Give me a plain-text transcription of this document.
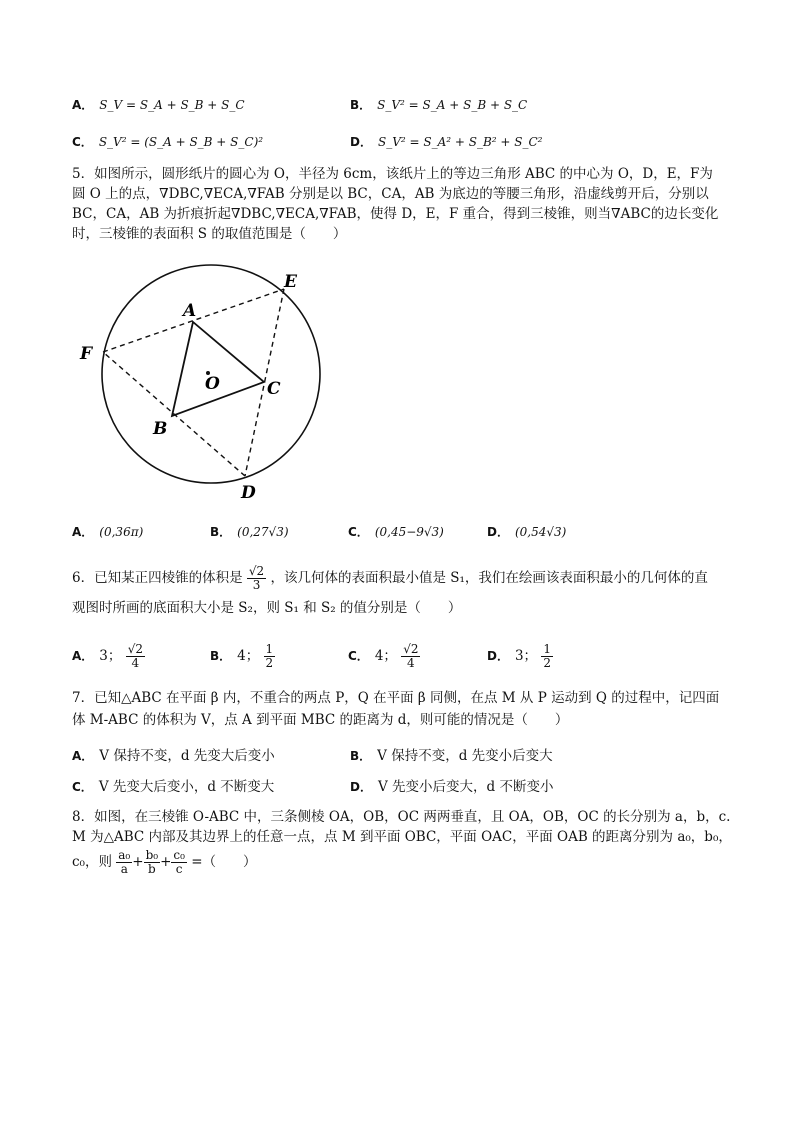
A． S_V = S_A + S_B + S_C	B． S_V² = S_A + S_B + S_C
C． S_V² = (S_A + S_B + S_C)²	D． S_V² = S_A² + S_B² + S_C²
5．如图所示，圆形纸片的圆心为 O，半径为 6cm，该纸片上的等边三角形 ABC 的中心为 O，D，E，F为
圆 O 上的点，∇DBC,∇ECA,∇FAB 分别是以 BC，CA，AB 为底边的等腰三角形，沿虚线剪开后，分别以
BC，CA，AB 为折痕折起∇DBC,∇ECA,∇FAB，使得 D，E，F 重合，得到三棱锥，则当∇ABC的边长变化
时，三棱锥的表面积 S 的取值范围是（　　）
A
B
C
D
E
F
O
A． (0,36π)	B． (0,27√3)	C． (0,45−9√3)	D． (0,54√3)
6．已知某正四棱锥的体积是 $\frac{√2}{3}$ ，该几何体的表面积最小值是 S₁，我们在绘画该表面积最小的几何体的直
观图时所画的底面积大小是 S₂，则 S₁ 和 S₂ 的值分别是（　　）
A． 3； $\frac{√2}{4}$	B． 4； $\frac{1}{2}$	C． 4； $\frac{√2}{4}$	D． 3； $\frac{1}{2}$
7．已知△ABC 在平面 β 内，不重合的两点 P，Q 在平面 β 同侧，在点 M 从 P 运动到 Q 的过程中，记四面
体 M-ABC 的体积为 V，点 A 到平面 MBC 的距离为 d，则可能的情况是（　　）
A． V 保持不变，d 先变大后变小	B． V 保持不变，d 先变小后变大
C． V 先变大后变小，d 不断变大	D． V 先变小后变大，d 不断变小
8．如图，在三棱锥 O-ABC 中，三条侧棱 OA，OB，OC 两两垂直，且 OA，OB，OC 的长分别为 a，b，c.
M 为△ABC 内部及其边界上的任意一点，点 M 到平面 OBC，平面 OAC，平面 OAB 的距离分别为 a₀，b₀，
c₀，则 $\frac{\text{a₀}}{a} + \frac{\text{b₀}}{b} + \frac{\text{c₀}}{c}$ =（　　）
